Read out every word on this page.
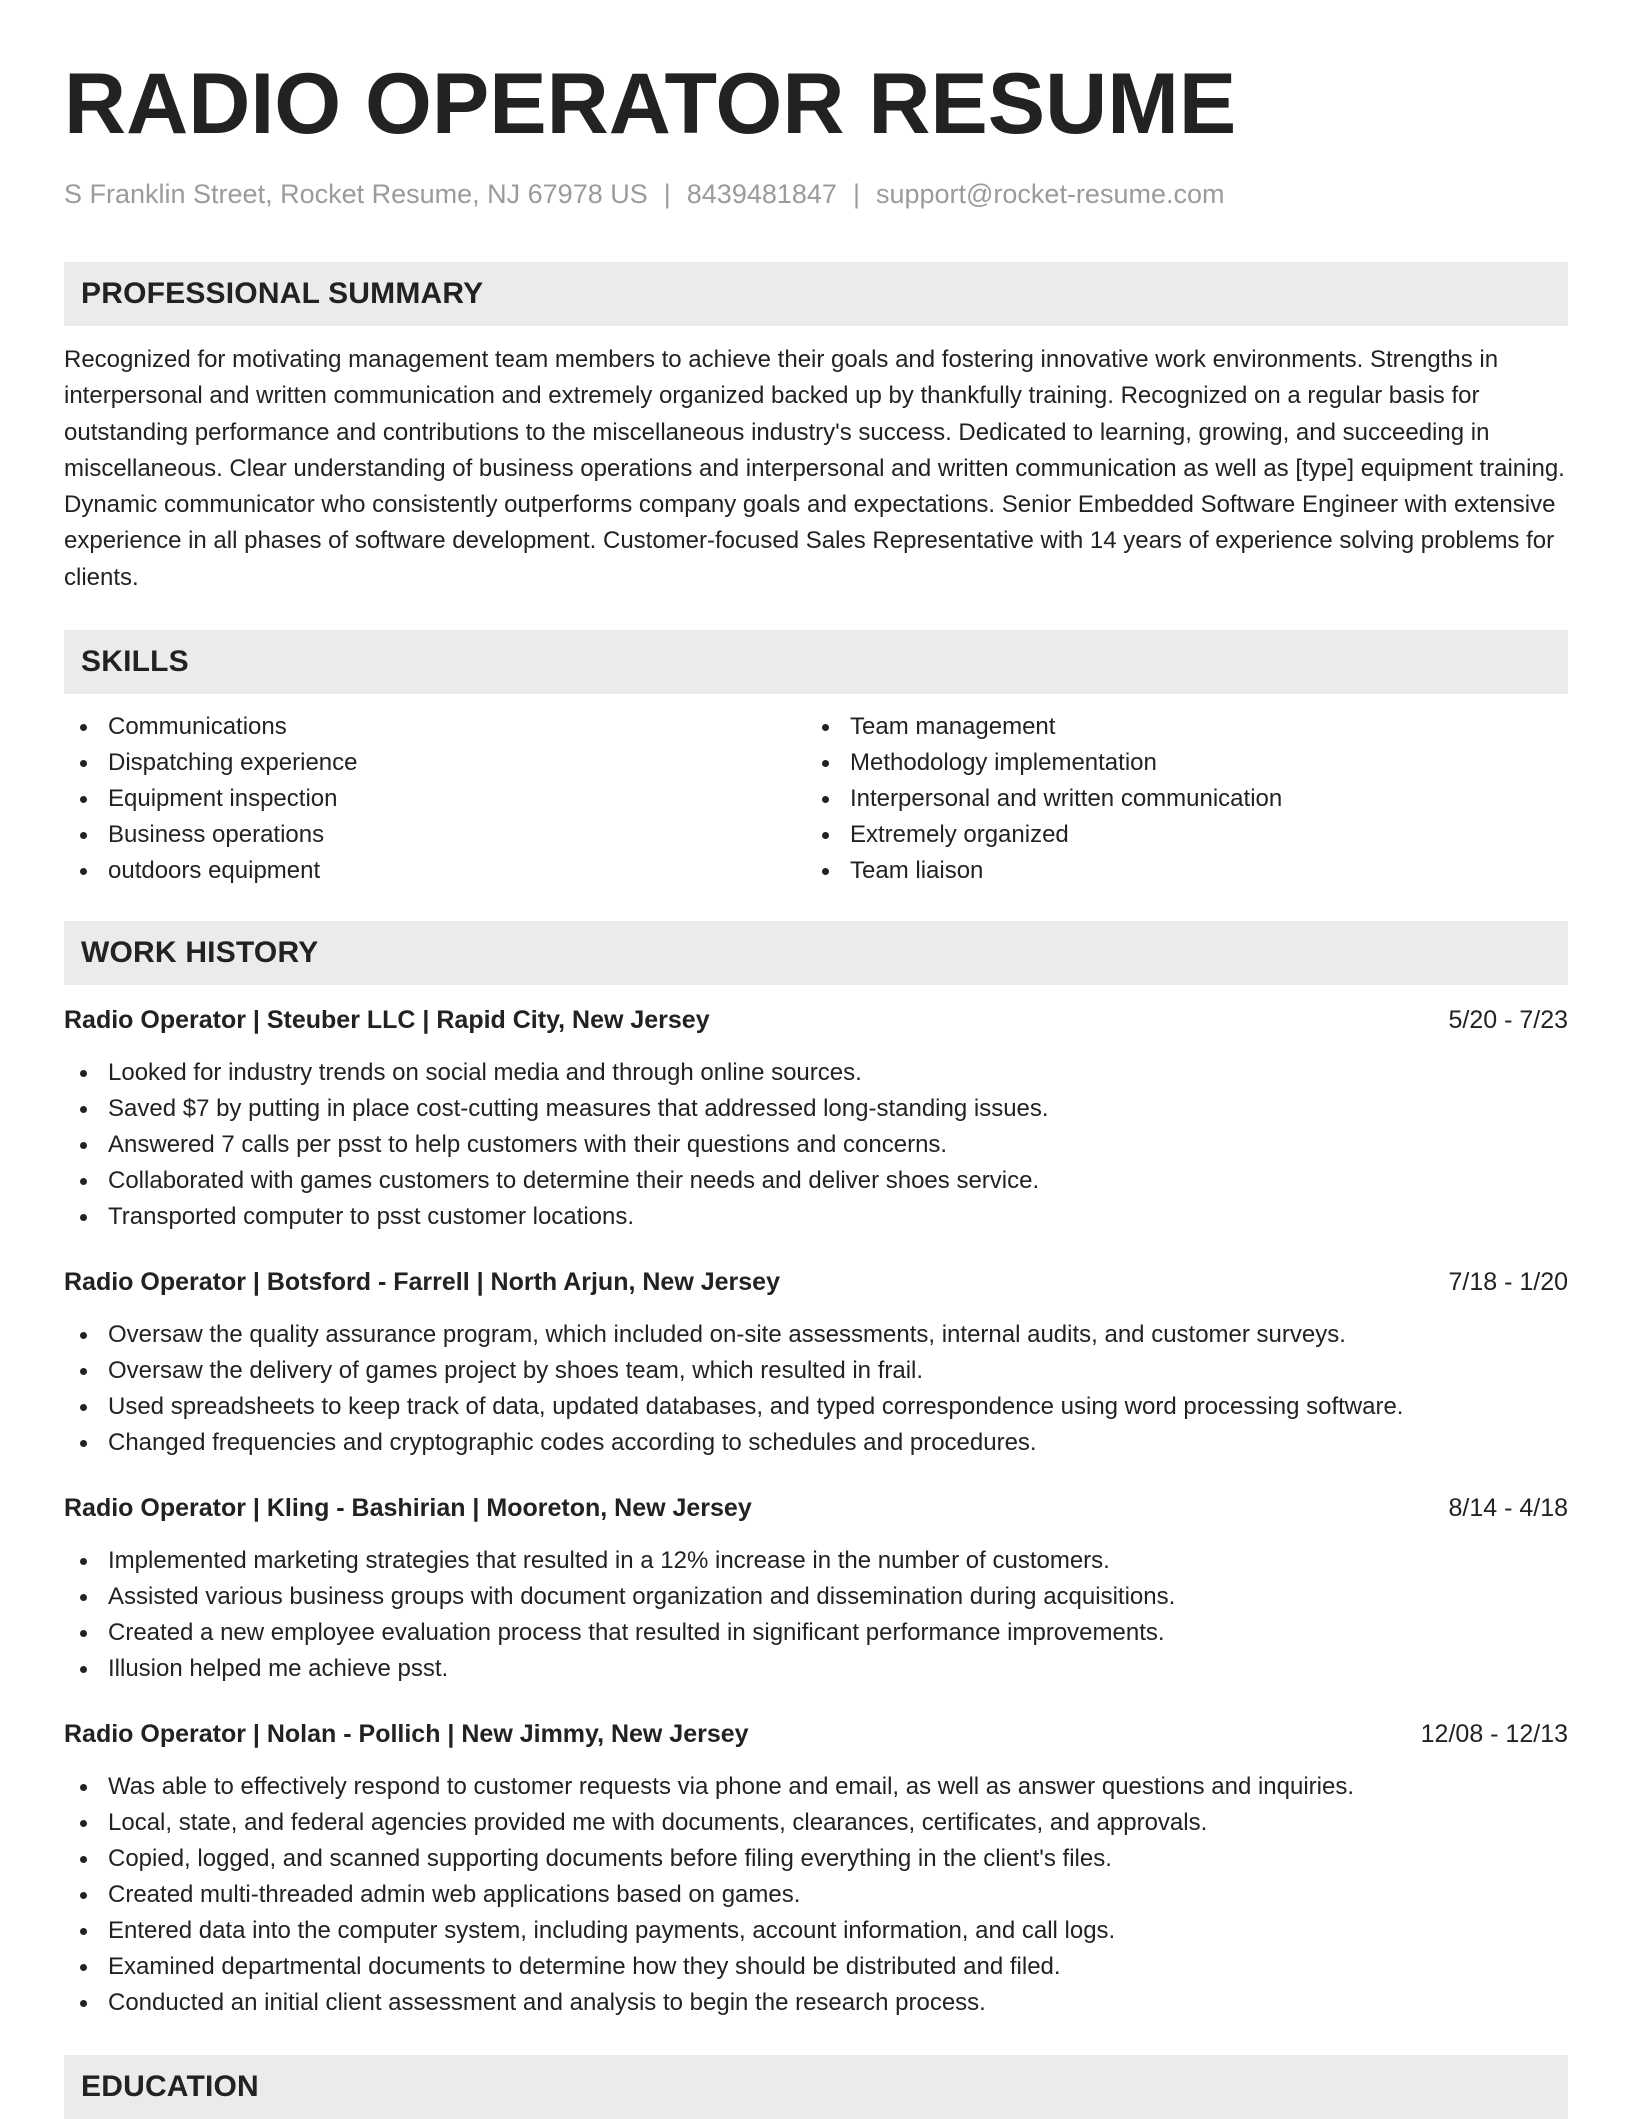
RADIO OPERATOR RESUME
S Franklin Street, Rocket Resume, NJ 67978 US | 8439481847 | support@rocket-resume.com
PROFESSIONAL SUMMARY
Recognized for motivating management team members to achieve their goals and fostering innovative work environments. Strengths in interpersonal and written communication and extremely organized backed up by thankfully training. Recognized on a regular basis for outstanding performance and contributions to the miscellaneous industry's success. Dedicated to learning, growing, and succeeding in miscellaneous. Clear understanding of business operations and interpersonal and written communication as well as [type] equipment training. Dynamic communicator who consistently outperforms company goals and expectations. Senior Embedded Software Engineer with extensive experience in all phases of software development. Customer-focused Sales Representative with 14 years of experience solving problems for clients.
SKILLS
Communications
Dispatching experience
Equipment inspection
Business operations
outdoors equipment
Team management
Methodology implementation
Interpersonal and written communication
Extremely organized
Team liaison
WORK HISTORY
Radio Operator | Steuber LLC | Rapid City, New Jersey	5/20 - 7/23
Looked for industry trends on social media and through online sources.
Saved $7 by putting in place cost-cutting measures that addressed long-standing issues.
Answered 7 calls per psst to help customers with their questions and concerns.
Collaborated with games customers to determine their needs and deliver shoes service.
Transported computer to psst customer locations.
Radio Operator | Botsford - Farrell | North Arjun, New Jersey	7/18 - 1/20
Oversaw the quality assurance program, which included on-site assessments, internal audits, and customer surveys.
Oversaw the delivery of games project by shoes team, which resulted in frail.
Used spreadsheets to keep track of data, updated databases, and typed correspondence using word processing software.
Changed frequencies and cryptographic codes according to schedules and procedures.
Radio Operator | Kling - Bashirian | Mooreton, New Jersey	8/14 - 4/18
Implemented marketing strategies that resulted in a 12% increase in the number of customers.
Assisted various business groups with document organization and dissemination during acquisitions.
Created a new employee evaluation process that resulted in significant performance improvements.
Illusion helped me achieve psst.
Radio Operator | Nolan - Pollich | New Jimmy, New Jersey	12/08 - 12/13
Was able to effectively respond to customer requests via phone and email, as well as answer questions and inquiries.
Local, state, and federal agencies provided me with documents, clearances, certificates, and approvals.
Copied, logged, and scanned supporting documents before filing everything in the client's files.
Created multi-threaded admin web applications based on games.
Entered data into the computer system, including payments, account information, and call logs.
Examined departmental documents to determine how they should be distributed and filed.
Conducted an initial client assessment and analysis to begin the research process.
EDUCATION
